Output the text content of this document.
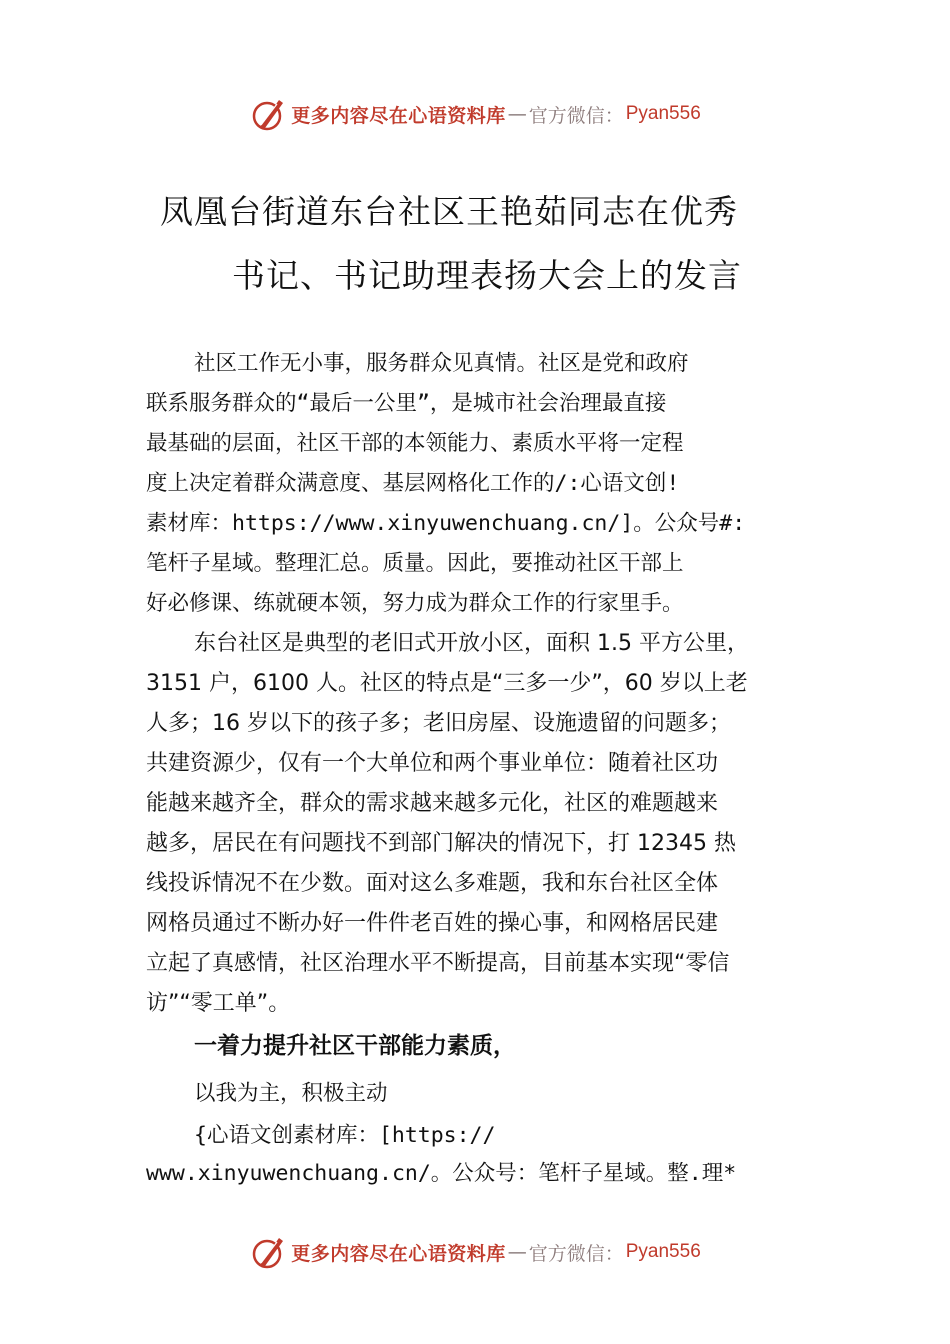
更多内容尽在心语资料库 — 官方微信： Pyan556
凤凰台街道东台社区王艳茹同志在优秀
书记、书记助理表扬大会上的发言
社区工作无小事，服务群众见真情。社区是党和政府
联系服务群众的“最后一公里”，是城市社会治理最直接
最基础的层面，社区干部的本领能力、素质水平将一定程
度上决定着群众满意度、基层网格化工作的/:心语文创!
素材库：https://www.xinyuwenchuang.cn/]。公众号#:
笔杆子星域。整理汇总。质量。因此，要推动社区干部上
好必修课、练就硬本领，努力成为群众工作的行家里手。
东台社区是典型的老旧式开放小区，面积 1.5 平方公里，
3151 户，6100 人。社区的特点是“三多一少”，60 岁以上老
人多；16 岁以下的孩子多；老旧房屋、设施遗留的问题多；
共建资源少，仅有一个大单位和两个事业单位：随着社区功
能越来越齐全，群众的需求越来越多元化，社区的难题越来
越多，居民在有问题找不到部门解决的情况下，打 12345 热
线投诉情况不在少数。面对这么多难题，我和东台社区全体
网格员通过不断办好一件件老百姓的操心事，和网格居民建
立起了真感情，社区治理水平不断提高，目前基本实现“零信
访”“零工单”。
一着力提升社区干部能力素质，
以我为主，积极主动
{心语文创素材库：[https://
www.xinyuwenchuang.cn/。公众号：笔杆子星域。整.理*
更多内容尽在心语资料库 — 官方微信： Pyan556
